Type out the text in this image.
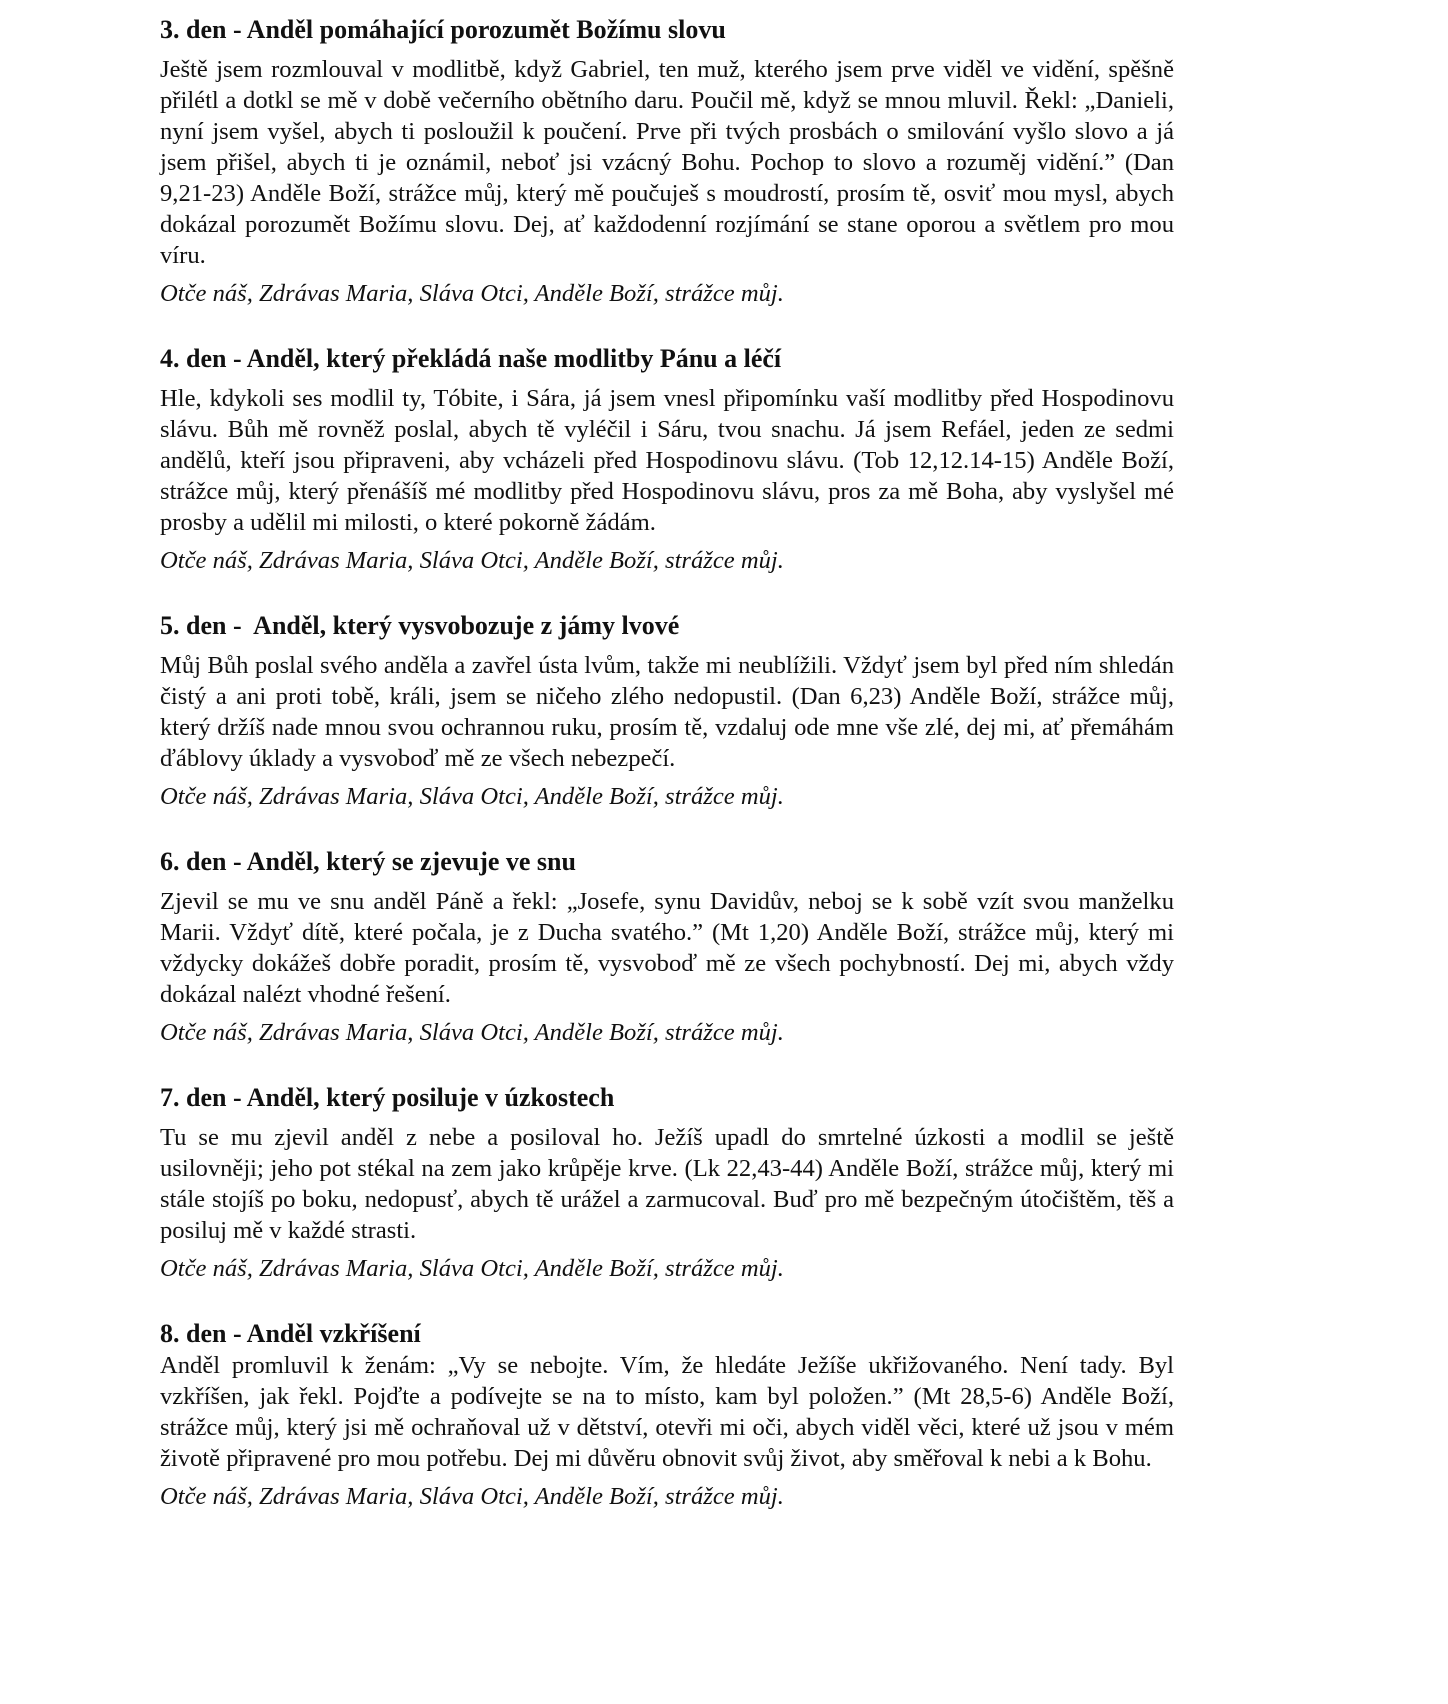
3. den - Anděl pomáhající porozumět Božímu slovu

Ještě jsem rozmlouval v modlitbě, když Gabriel, ten muž, kterého jsem prve viděl ve vidění, spěšně přilétl a dotkl se mě v době večerního obětního daru. Poučil mě, když se mnou mluvil. Řekl: „Danieli, nyní jsem vyšel, abych ti posloužil k poučení. Prve při tvých prosbách o smilování vyšlo slovo a já jsem přišel, abych ti je oznámil, neboť jsi vzácný Bohu. Pochop to slovo a rozuměj vidění.” (Dan 9,21-23) Anděle Boží, strážce můj, který mě poučuješ s moudrostí, prosím tě, osviť mou mysl, abych dokázal porozumět Božímu slovu. Dej, ať každodenní rozjímání se stane oporou a světlem pro mou víru.

Otče náš, Zdrávas Maria, Sláva Otci, Anděle Boží, strážce můj.

4. den - Anděl, který překládá naše modlitby Pánu a léčí

Hle, kdykoli ses modlil ty, Tóbite, i Sára, já jsem vnesl připomínku vaší modlitby před Hospodinovu slávu. Bůh mě rovněž poslal, abych tě vyléčil i Sáru, tvou snachu. Já jsem Refáel, jeden ze sedmi andělů, kteří jsou připraveni, aby vcházeli před Hospodinovu slávu. (Tob 12,12.14-15) Anděle Boží, strážce můj, který přenášíš mé modlitby před Hospodinovu slávu, pros za mě Boha, aby vyslyšel mé prosby a udělil mi milosti, o které pokorně žádám.

Otče náš, Zdrávas Maria, Sláva Otci, Anděle Boží, strážce můj.

5. den -  Anděl, který vysvobozuje z jámy lvové

Můj Bůh poslal svého anděla a zavřel ústa lvům, takže mi neublížili. Vždyť jsem byl před ním shledán čistý a ani proti tobě, králi, jsem se ničeho zlého nedopustil. (Dan 6,23) Anděle Boží, strážce můj, který držíš nade mnou svou ochrannou ruku, prosím tě, vzdaluj ode mne vše zlé, dej mi, ať přemáhám ďáblovy úklady a vysvoboď mě ze všech nebezpečí.

Otče náš, Zdrávas Maria, Sláva Otci, Anděle Boží, strážce můj.

6. den - Anděl, který se zjevuje ve snu

Zjevil se mu ve snu anděl Páně a řekl: „Josefe, synu Davidův, neboj se k sobě vzít svou manželku Marii. Vždyť dítě, které počala, je z Ducha svatého.” (Mt 1,20) Anděle Boží, strážce můj, který mi vždycky dokážeš dobře poradit, prosím tě, vysvoboď mě ze všech pochybností. Dej mi, abych vždy dokázal nalézt vhodné řešení.

Otče náš, Zdrávas Maria, Sláva Otci, Anděle Boží, strážce můj.

7. den - Anděl, který posiluje v úzkostech

Tu se mu zjevil anděl z nebe a posiloval ho. Ježíš upadl do smrtelné úzkosti a modlil se ještě usilovněji; jeho pot stékal na zem jako krůpěje krve. (Lk 22,43-44) Anděle Boží, strážce můj, který mi stále stojíš po boku, nedopusť, abych tě urážel a zarmucoval. Buď pro mě bezpečným útočištěm, těš a posiluj mě v každé strasti.

Otče náš, Zdrávas Maria, Sláva Otci, Anděle Boží, strážce můj.

8. den - Anděl vzkříšení

Anděl promluvil k ženám: „Vy se nebojte. Vím, že hledáte Ježíše ukřižovaného. Není tady. Byl vzkříšen, jak řekl. Pojďte a podívejte se na to místo, kam byl položen.” (Mt 28,5-6) Anděle Boží, strážce můj, který jsi mě ochraňoval už v dětství, otevři mi oči, abych viděl věci, které už jsou v mém životě připravené pro mou potřebu. Dej mi důvěru obnovit svůj život, aby směřoval k nebi a k Bohu.

Otče náš, Zdrávas Maria, Sláva Otci, Anděle Boží, strážce můj.
